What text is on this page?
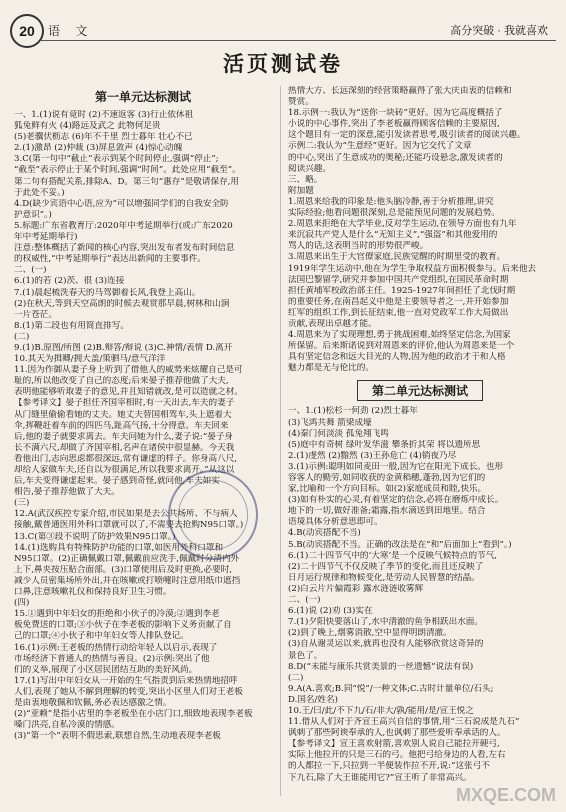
20	语 文	高分突破 · 我就喜欢
活页测试卷
第一单元达标测试
一、1.(1)说有竟时 (2)不速返客 (3)行止依休祖
狐兔鲜有火 (4)路远及武之 此物何足贵
(5)老骥伏枥志 (6)年不千里 烈士暮年 壮心不已
2.(1)激昂 (2)仲裁 (3)屏息敛声 (4)惊心动魄
3.C(第一句中“截止”表示到某个时间停止,强调“停止”;
“截至”表示停止于某个时间,强调“时间”。此处应用“截至”。
第二句有搭配关系,排除A、D。第三句“惠存”是敬请保存,用
于此处不妥。)
4.D(缺少宾语中心语,应为“可以增强同学们的自我安全防
护意识”。)
5.标题:广东省教育厅:2020年中考延期举行(或:广东2020
年中考延期举行)
注意:整体概括了新闻的核心内容,突出发布者发布时间信息
的权威性,“中考延期举行”表达出新闻的主要事件。
二、(一)
6.(1)的若 (2)茨、很 (3)连接
7.(1)晨起梳洗春天的马驾御着长风,我登上高山。
(2)在秋天,等到天空高朗的时候去观赏那早晨,树林和山涧
一片苍茫。
8.(1)第二段也有用简直排写。
(二)
9.(1)B.原图/所图 (2)B.辩答/辩说 (3)C.神情/表情 D.离开
10.其天为揖卿/拥大盖/策驷马/意气洋洋
11.因为作御从妻子身上听到了借他人的威势来炫耀自己是可
耻的,所以他改变了自己的态度;后来晏子推荐他做了大夫,
表明他能够听取妻子的意见,并且知错就改,是可以造就之材。
【参考译文】晏子担任齐国宰相时,有一天出去,车夫的妻子
从门缝里偷偷看她的丈夫。她丈夫替国相驾车,头上遮着大
伞,挥鞭赶着车前的四匹马,趾高气扬,十分得意。车夫回来
后,他的妻子就要求离去。车夫问她为什么,妻子说:“晏子身
长不满六尺,却做了齐国宰相,名声在诸侯中很显赫。今天我
看他出门,志向思虑都很深远,常有谦虚的样子。你身高八尺,
却给人家做车夫,还自以为很满足,所以我要求离开。”从这以
后,车夫变得谦虚起来。晏子感到奇怪,就问他,车夫如实
相告,晏子推荐他做了大夫。
(三)
12.A(武汉疾控专家介绍,市民如果是去公共场所、不与病人
接触,戴普通医用外科口罩就可以了,不需要去抢购N95口罩。)
13.C(第③段不说明了防护效果N95口罩。)
14.(1)选购具有特殊防护功能的口罩,如医用外科口罩和
N95口罩。(2)正确佩戴口罩,佩戴前应洗手,佩戴时分清内外
上下,鼻夹按压贴合面部。(3)口罩使用后及时更换,必要时,
减少人员密集场所外出,并在咳嗽或打喷嚏时注意用纸巾遮挡
口鼻,注意咳嗽礼仪和保持良好卫生习惯。
(四)
15.①遇到中年妇女的拒绝和小伙子的冷漠;②遇到李老
板免费送的口罩;③小伙子在李老板的影响下义务贡献了自
己的口罩;④小伙子和中年妇女等人排队登记。
16.(1)示例:王老板的热情行动给年轻人以启示,表现了
市场经济下普通人的热情与善良。(2)示例:突出了他
们的义举,展现了小区居民团结互助的美好风尚。
17.(1)写出中年妇女从一开始的生气指责到后来热情地招呼
人们,表现了她从不解到理解的转变,突出小区里人们对王老板
是由衷地敬佩和钦佩,务必表达感激之情。
(2)“亚赖”是指小店里的李老板坐在小店门口,细致地表现李老板
嗓门洪亮,自私冷漠的情感。
(3)“第一个”表明不假思索,联想自然,生动地表现李老板
热情大方、长远深刻的经营策略赢得了张大庆由衷的信赖和
赞赏。
18.示例一:我认为“送你一块砖”更好。因为它高度概括了
小说的中心事件,突出了李老板赢得顾客信赖的主要原因,
这个题目有一定的深意,能引发读者思考,吸引读者的阅读兴趣。
示例二:我认为“生意经”更好。因为它交代了文章
的中心,突出了生意成功的奥秘;还能巧设悬念,激发读者的
阅读兴趣。
三、略。
附加题
1.周恩来给我的印象是:他头脑冷静,善于分析推理,讲究
实际经验;他看问题很深刻,总是能预见问题的发展趋势。
2.周恩来拒绝在大学毕业,反对学生运动,在领导方面也有九年
来沉寂共产党人是什么“无知主义”,“强盗”和其他爱用的
骂人的话,这表明当时的形势很严峻。
3.周恩来出生于大官僚家庭,民族觉醒的时期里受的教育。
1919年学生运动中,他在为学生争取权益方面积极参与。后来他去
法国巴黎留学,研究并参加中国共产党组织,在国民革命时期
担任黄埔军校政治部主任。1925-1927年间担任了北伐时期
的重要任务,在南昌起义中他是主要领导者之一,并开始参加
红军的组织工作,到长征结束,他一直对党政军工作大局做出
贡献,表现出卓越才能。
4.周恩来为了实现理想,勇于挑战困难,始终坚定信念,为国家
所保留。后来斯诺说到对周恩来的评价,他认为周恩来是一个
具有坚定信念和远大目光的人物,因为他的政治才干和人格
魅力都是无与伦比的。
第二单元达标测试
一、1.(1)松杉一何劲 (2)烈士暮年
(3)飞鸿共舞 箭梁成壕
(4)秦门何淡淡 孤兔翔飞鸣
(5)庭中有奇树 绿叶发华滋 攀条折其荣 将以遗所思
2.(1)虔然 (2)黯然 (3)王孙危亡 (4)销夜乃尽
3.(1)示例:聪明如同麦田一般,因为它在阳光下成长。也形
容客人的勤劳,如同收获的金黄稻穗,蓬勃,因为它们的
家,比喻和一个方向目标。如(2)家庭成员和睦,快乐。
(3)如有朴实的心灵,有着坚定的信念,必将在磨炼中成长。
地下的一切,做好准备;霜露,指水滴送到田地里。结合
语境具体分析意思即可。
4.B(动宾搭配不当)
5.B(动宾搭配不当。正确的改法是在“和”后面加上“看到”。)
6.(1)二十四节气中的‘大寒’是一个反映气候特点的节气,
(2)二十四节气不仅反映了季节的变化,而且还反映了
日月运行规律和物候变化,是劳动人民智慧的结晶。
(2)白云片片偏霞彩 露水涟涟收雾辉
二、(一)
6.(1)说 (2)劝 (3)实在
7.(1)夕阳快要落山了,水中清澈的鱼争相跃出水面。
(2)到了晚上,烟雾消散,空中显得明朗清澈。
(3)自从谢灵运以来,就再也没有人能够欣赏这奇异的
景色了。
8.D(“未能与康乐共赏美景的一丝遗憾”说法有误)
(二)
9.A(A.喜欢;B.同“悦”/一种文体;C.古时计量单位/石头;
D.国名/姓名)
10.王/曰/此/不下九/石/非大/孰/能用/是/宣王悦之
11.借从人们对于齐宣王高兴自信的事情,用“三石说成是九石”
讽刺了那些阿谀奉承的人,也讽刺了那些爱听奉承话的人。
【参考译文】宣王喜欢射箭,喜欢别人说自己能拉开硬弓,
实际上他拉开的只是三石的弓。他把弓给身边的人看,左右
的人都拉一下,只拉到一半便装作拉不开,说:“这张弓不
下九石,除了大王谁能用它?”宣王听了非常高兴。
MXQE.COM
